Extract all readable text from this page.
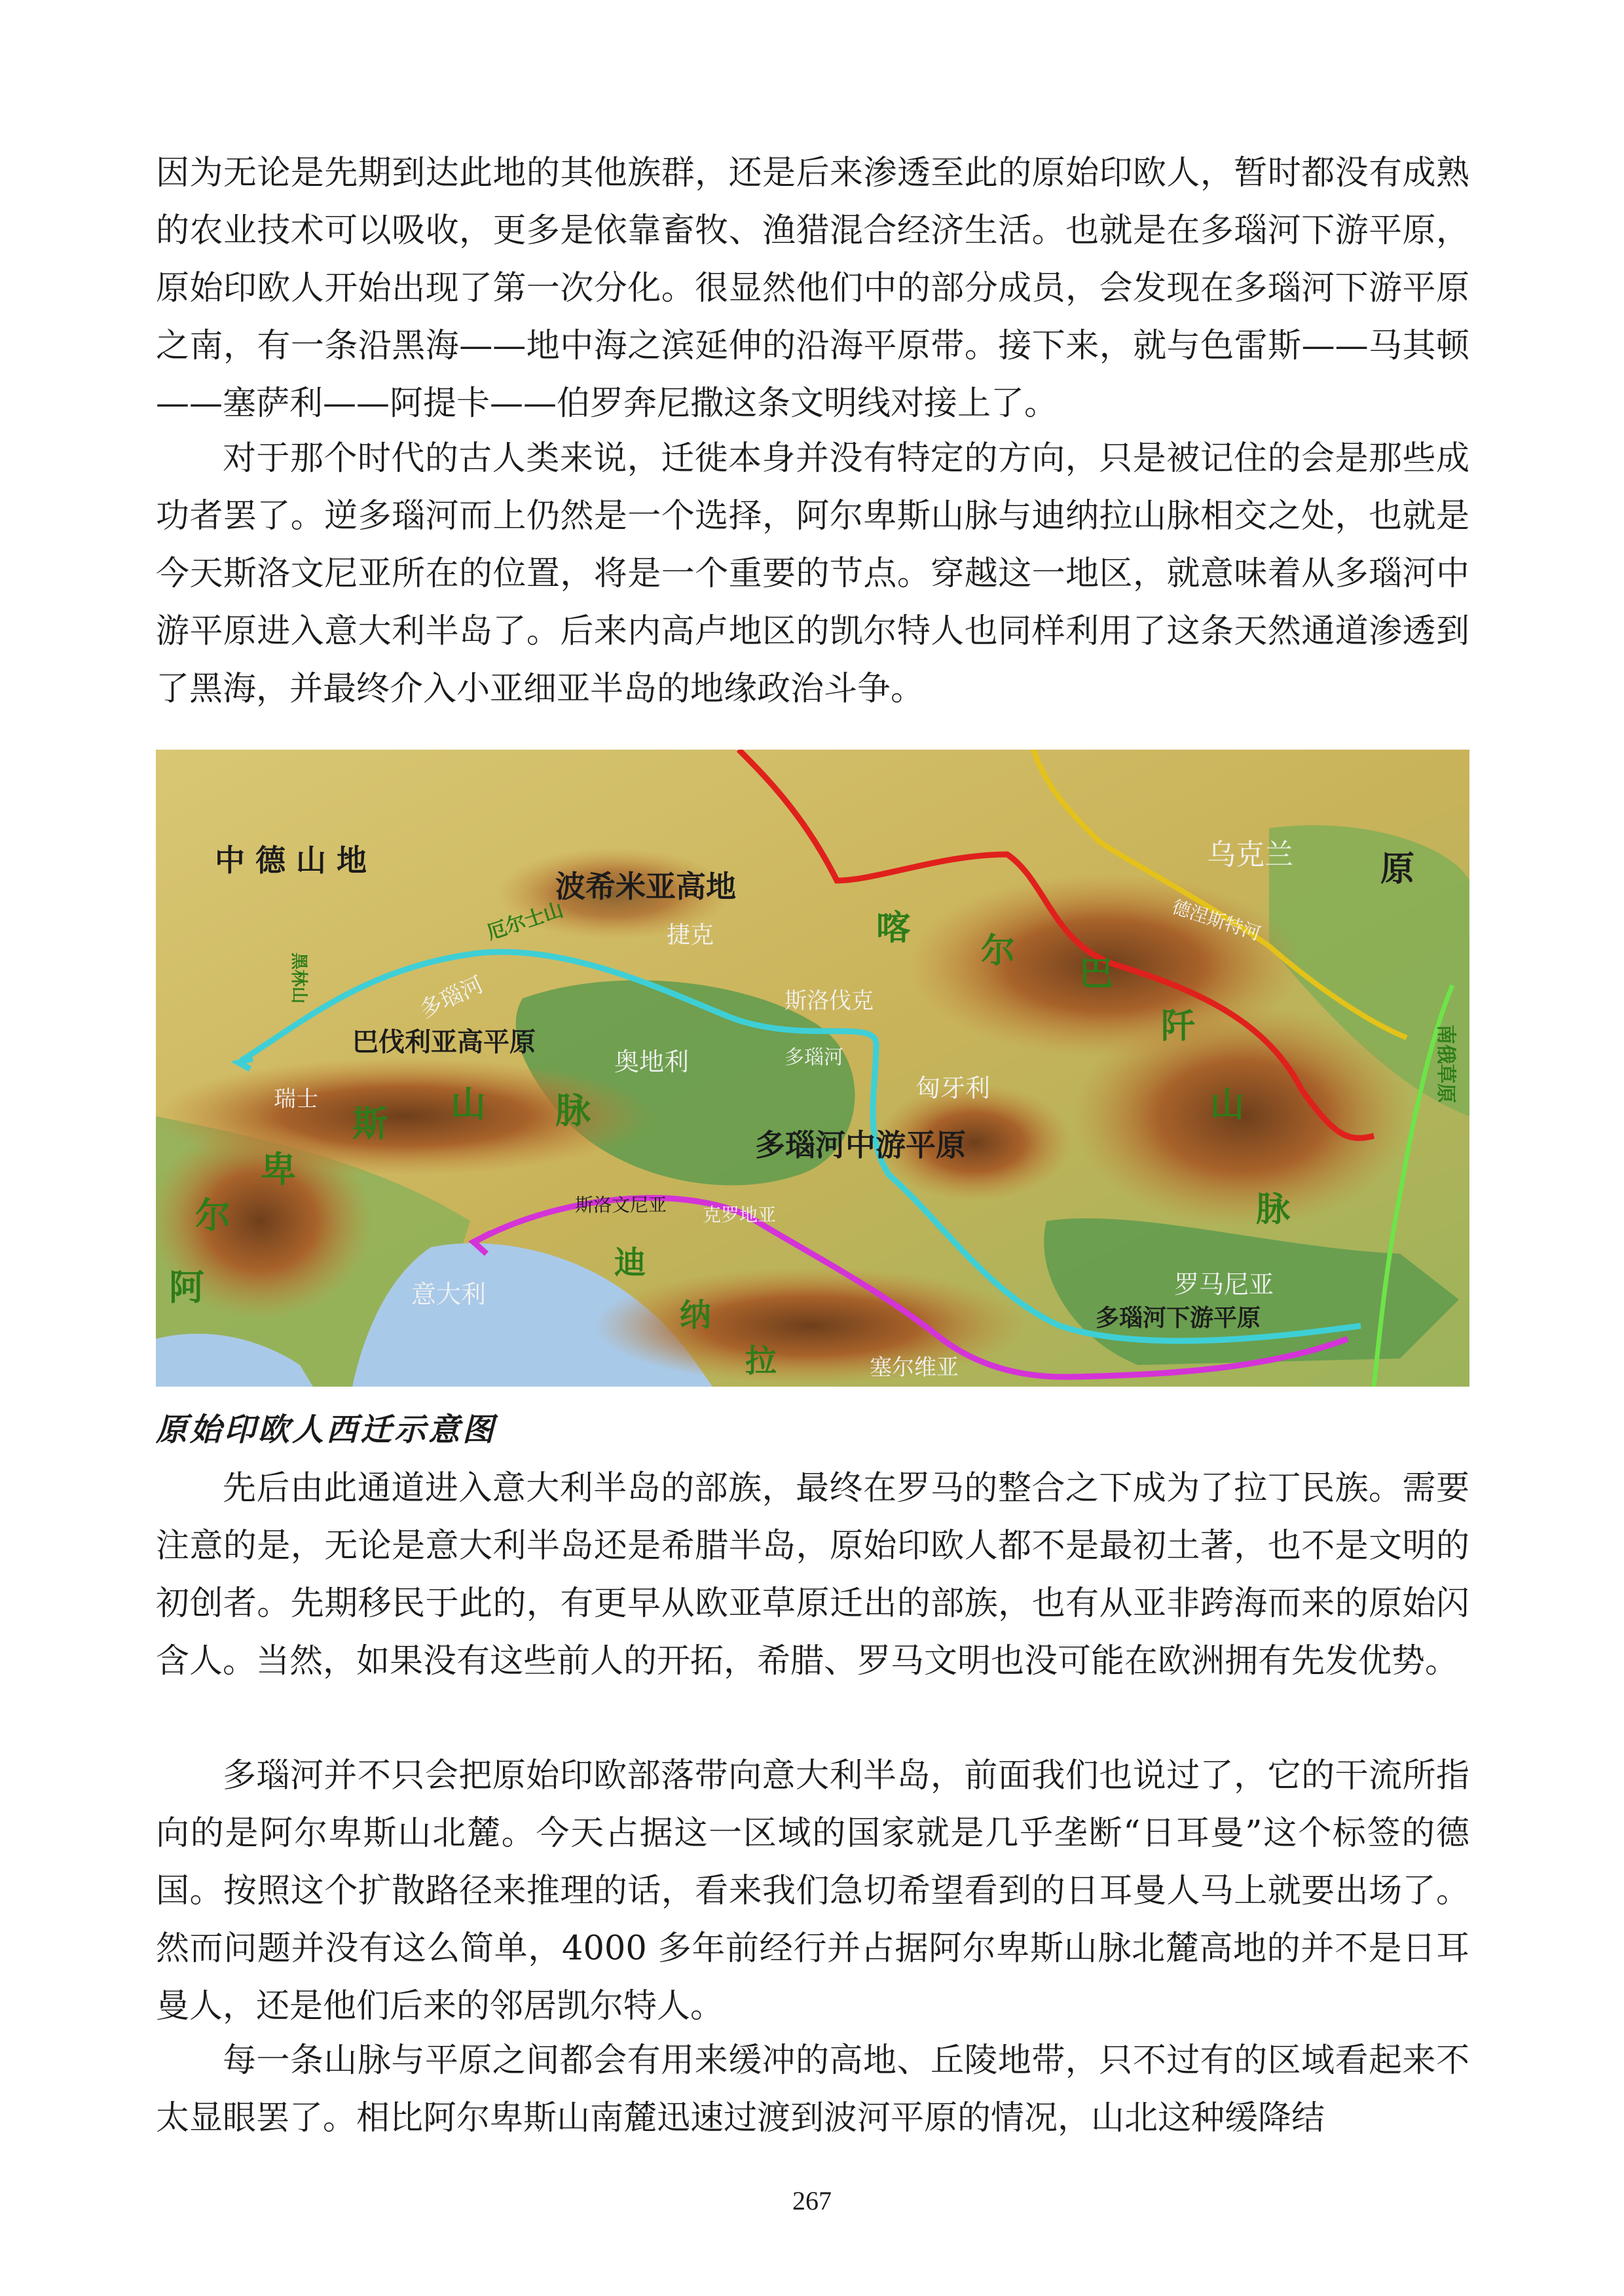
因为无论是先期到达此地的其他族群，还是后来渗透至此的原始印欧人，暂时都没有成熟的农业技术可以吸收，更多是依靠畜牧、渔猎混合经济生活。也就是在多瑙河下游平原，原始印欧人开始出现了第一次分化。很显然他们中的部分成员，会发现在多瑙河下游平原之南，有一条沿黑海——地中海之滨延伸的沿海平原带。接下来，就与色雷斯——马其顿——塞萨利——阿提卡——伯罗奔尼撒这条文明线对接上了。

对于那个时代的古人类来说，迁徙本身并没有特定的方向，只是被记住的会是那些成功者罢了。逆多瑙河而上仍然是一个选择，阿尔卑斯山脉与迪纳拉山脉相交之处，也就是今天斯洛文尼亚所在的位置，将是一个重要的节点。穿越这一地区，就意味着从多瑙河中游平原进入意大利半岛了。后来内高卢地区的凯尔特人也同样利用了这条天然通道渗透到了黑海，并最终介入小亚细亚半岛的地缘政治斗争。

中 德 山 地
波希米亚高地
捷克
乌克兰	原
德涅斯特河
喀
尔
巴
阡
山
脉
斯洛伐克
厄尔士山
多瑙河
巴伐利亚高平原
黑林山
奥地利
匈牙利
多瑙河
多瑙河中游平原
瑞士
阿
尔
卑
斯 山 脉
斯洛文尼亚 克罗地亚
意大利	罗马尼亚
多瑙河下游平原
塞尔维亚
迪
纳
拉
南俄草原
原始印欧人西迁示意图

先后由此通道进入意大利半岛的部族，最终在罗马的整合之下成为了拉丁民族。需要注意的是，无论是意大利半岛还是希腊半岛，原始印欧人都不是最初土著，也不是文明的初创者。先期移民于此的，有更早从欧亚草原迁出的部族，也有从亚非跨海而来的原始闪含人。当然，如果没有这些前人的开拓，希腊、罗马文明也没可能在欧洲拥有先发优势。

多瑙河并不只会把原始印欧部落带向意大利半岛，前面我们也说过了，它的干流所指向的是阿尔卑斯山北麓。今天占据这一区域的国家就是几乎垄断“日耳曼”这个标签的德国。按照这个扩散路径来推理的话，看来我们急切希望看到的日耳曼人马上就要出场了。然而问题并没有这么简单，4000 多年前经行并占据阿尔卑斯山脉北麓高地的并不是日耳曼人，还是他们后来的邻居凯尔特人。

每一条山脉与平原之间都会有用来缓冲的高地、丘陵地带，只不过有的区域看起来不太显眼罢了。相比阿尔卑斯山南麓迅速过渡到波河平原的情况，山北这种缓降结

267
